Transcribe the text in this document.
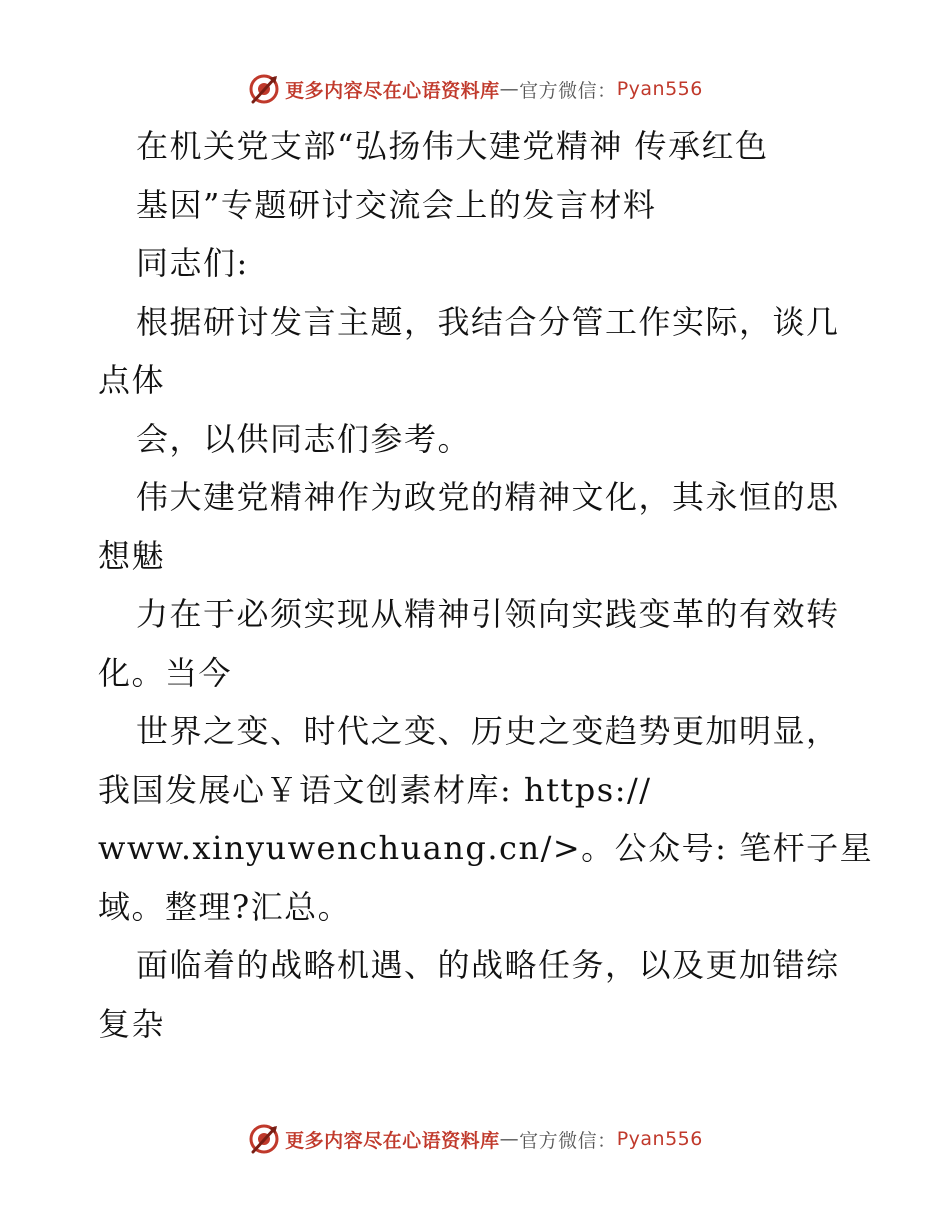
更多内容尽在心语资料库 — 官方微信： Pyan556
在机关党支部“弘扬伟大建党精神 传承红色
基因”专题研讨交流会上的发言材料
同志们:
根据研讨发言主题，我结合分管工作实际，谈几
点体
会，以供同志们参考。
伟大建党精神作为政党的精神文化，其永恒的思
想魅
力在于必须实现从精神引领向实践变革的有效转
化。当今
世界之变、时代之变、历史之变趋势更加明显，
我国发展心￥语文创素材库: https://
www.xinyuwenchuang.cn/>。公众号: 笔杆子星
域。整理?汇总。
面临着的战略机遇、的战略任务，以及更加错综
复杂
更多内容尽在心语资料库 — 官方微信： Pyan556
